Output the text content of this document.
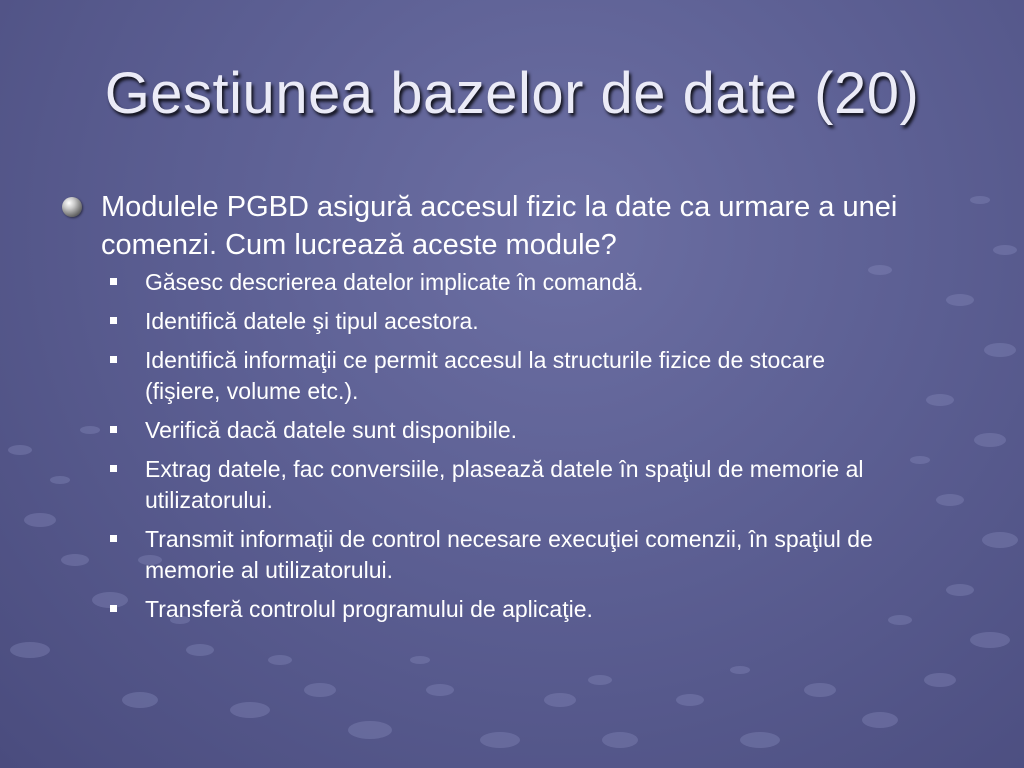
Gestiunea bazelor de date (20)
Modulele PGBD asigură accesul fizic la date ca urmare a unei comenzi. Cum lucrează aceste module?
Găsesc descrierea datelor implicate în comandă.
Identifică datele şi tipul acestora.
Identifică informaţii ce permit accesul la structurile fizice de stocare (fişiere, volume etc.).
Verifică dacă datele sunt disponibile.
Extrag datele, fac conversiile, plasează datele în spaţiul de memorie al utilizatorului.
Transmit informaţii de control necesare execuţiei comenzii, în spaţiul de memorie al utilizatorului.
Transferă controlul programului de aplicaţie.
